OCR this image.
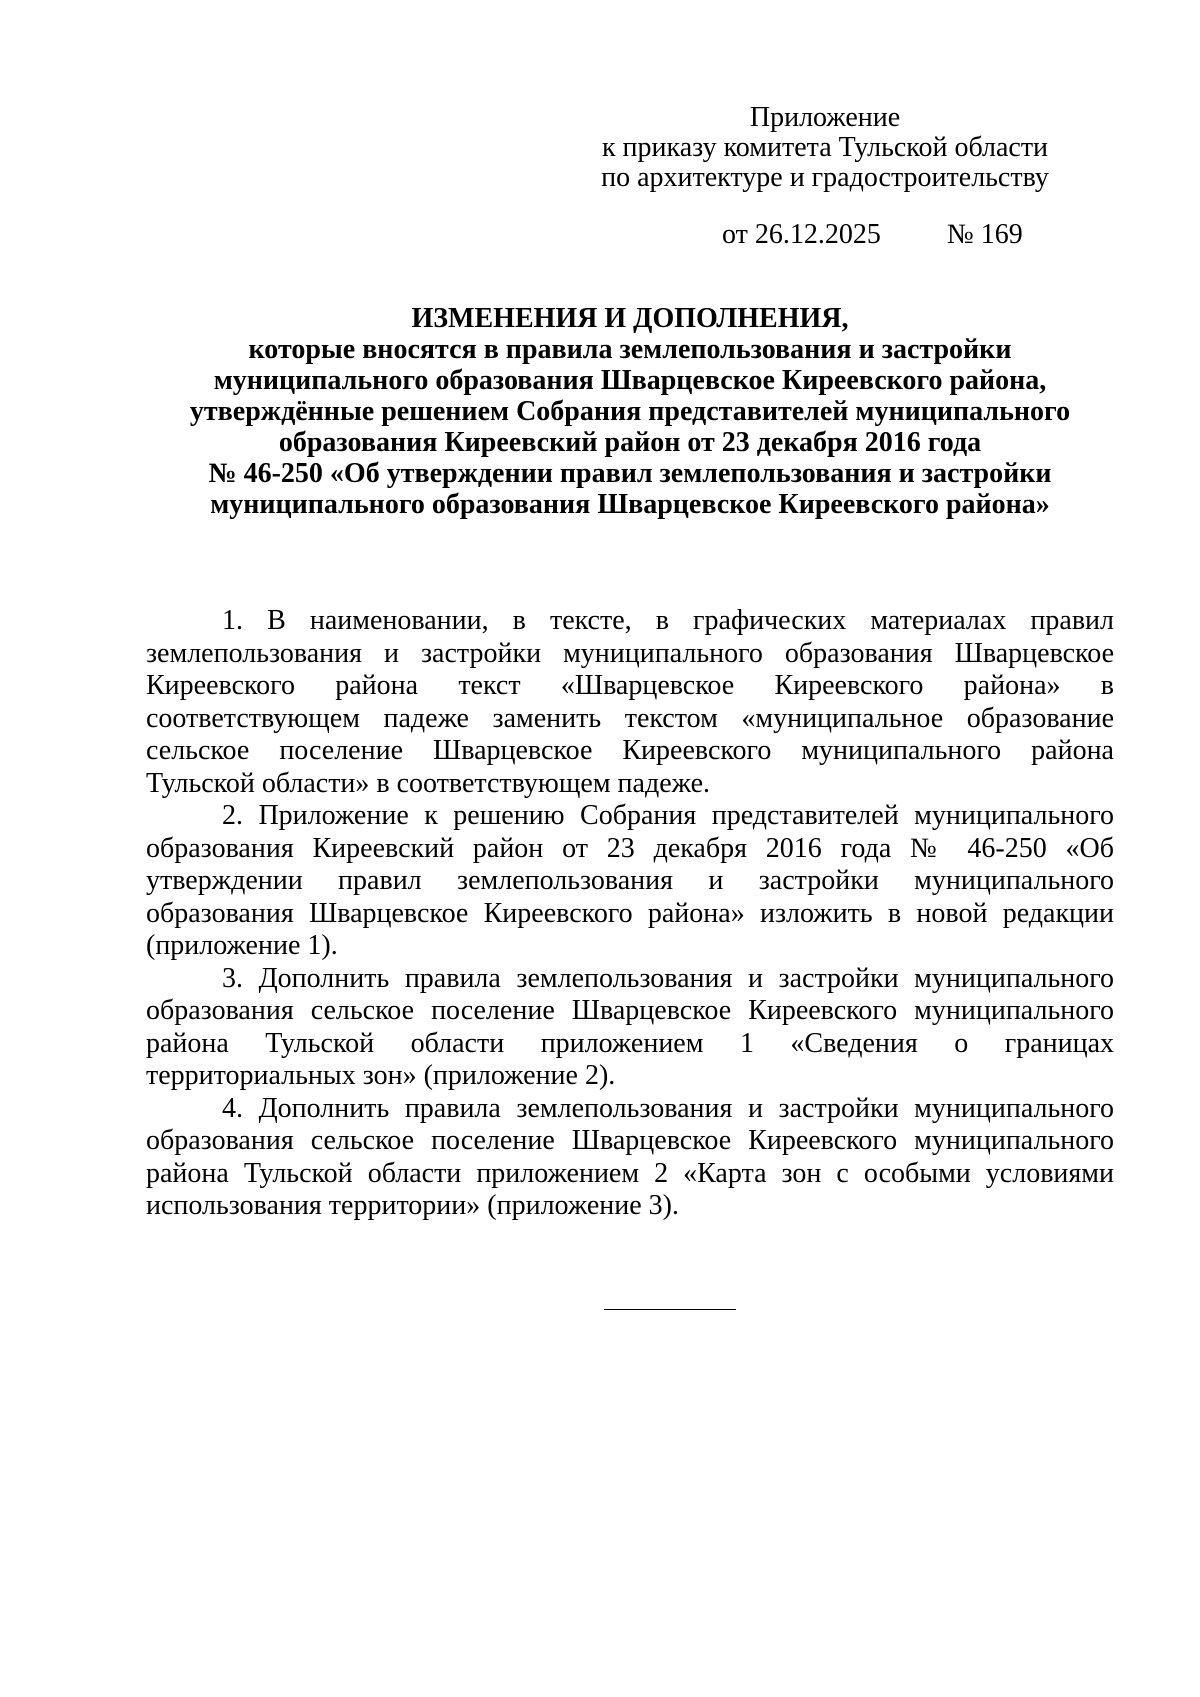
Приложение
к приказу комитета Тульской области
по архитектуре и градостроительству
от 26.12.2025 № 169
ИЗМЕНЕНИЯ И ДОПОЛНЕНИЯ,
которые вносятся в правила землепользования и застройки
муниципального образования Шварцевское Киреевского района,
утверждённые решением Собрания представителей муниципального
образования Киреевский район от 23 декабря 2016 года
№ 46-250 «Об утверждении правил землепользования и застройки
муниципального образования Шварцевское Киреевского района»

1. В наименовании, в тексте, в графических материалах правил землепользования и застройки муниципального образования Шварцевское Киреевского района текст «Шварцевское Киреевского района» в соответствующем падеже заменить текстом «муниципальное образование сельское поселение Шварцевское Киреевского муниципального района Тульской области» в соответствующем падеже.

2. Приложение к решению Собрания представителей муниципального образования Киреевский район от 23 декабря 2016 года № 46-250 «Об утверждении правил землепользования и застройки муниципального образования Шварцевское Киреевского района» изложить в новой редакции (приложение 1).

3. Дополнить правила землепользования и застройки муниципального образования сельское поселение Шварцевское Киреевского муниципального района Тульской области приложением 1 «Сведения о границах территориальных зон» (приложение 2).

4. Дополнить правила землепользования и застройки муниципального образования сельское поселение Шварцевское Киреевского муниципального района Тульской области приложением 2 «Карта зон с особыми условиями использования территории» (приложение 3).
